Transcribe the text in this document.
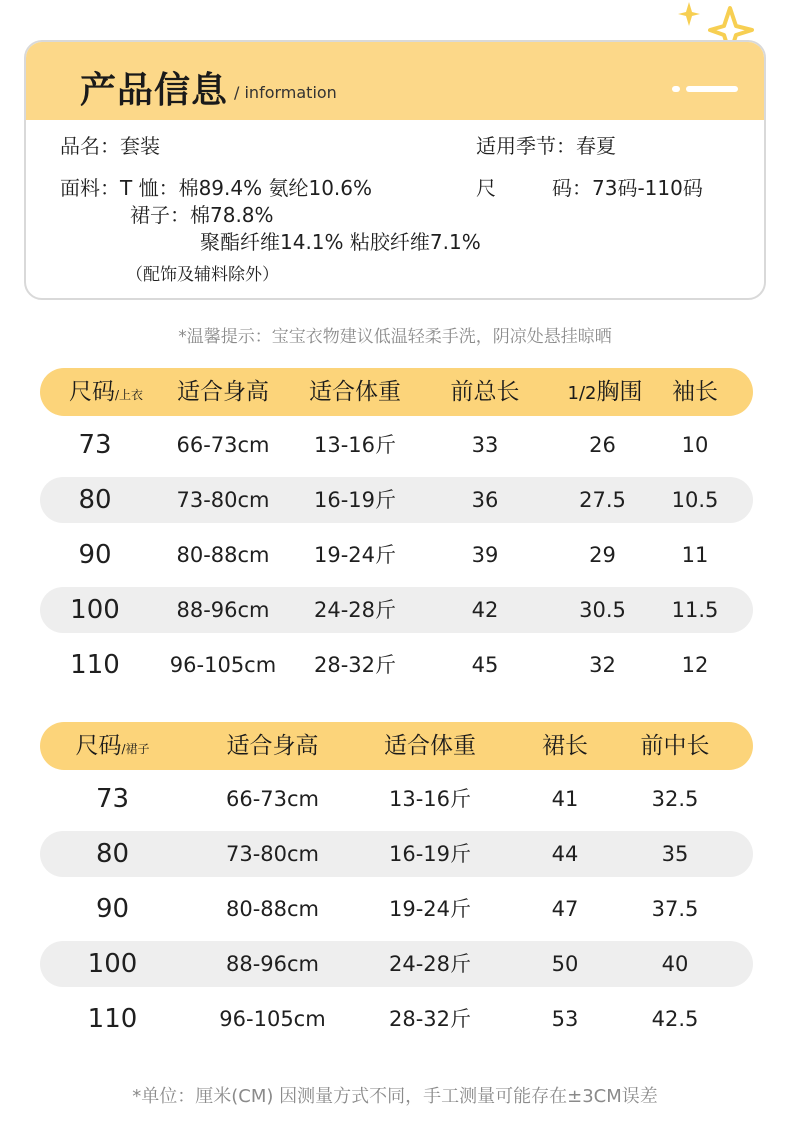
产品信息 / information
品名：套装
面料：T 恤：棉89.4% 氨纶10.6%
裙子：棉78.8%
聚酯纤维14.1% 粘胶纤维7.1%
（配饰及辅料除外）
适用季节：春夏
尺	码：73码-110码
*温馨提示：宝宝衣物建议低温轻柔手洗，阴凉处悬挂晾晒
尺码/上衣	适合身高	适合体重	前总长	1/2胸围	袖长
73	66-73cm	13-16斤	33	26	10
80	73-80cm	16-19斤	36	27.5	10.5
90	80-88cm	19-24斤	39	29	11
100	88-96cm	24-28斤	42	30.5	11.5
110	96-105cm	28-32斤	45	32	12
尺码/裙子	适合身高	适合体重	裙长	前中长
73	66-73cm	13-16斤	41	32.5
80	73-80cm	16-19斤	44	35
90	80-88cm	19-24斤	47	37.5
100	88-96cm	24-28斤	50	40
110	96-105cm	28-32斤	53	42.5
*单位：厘米(CM) 因测量方式不同，手工测量可能存在±3CM误差
